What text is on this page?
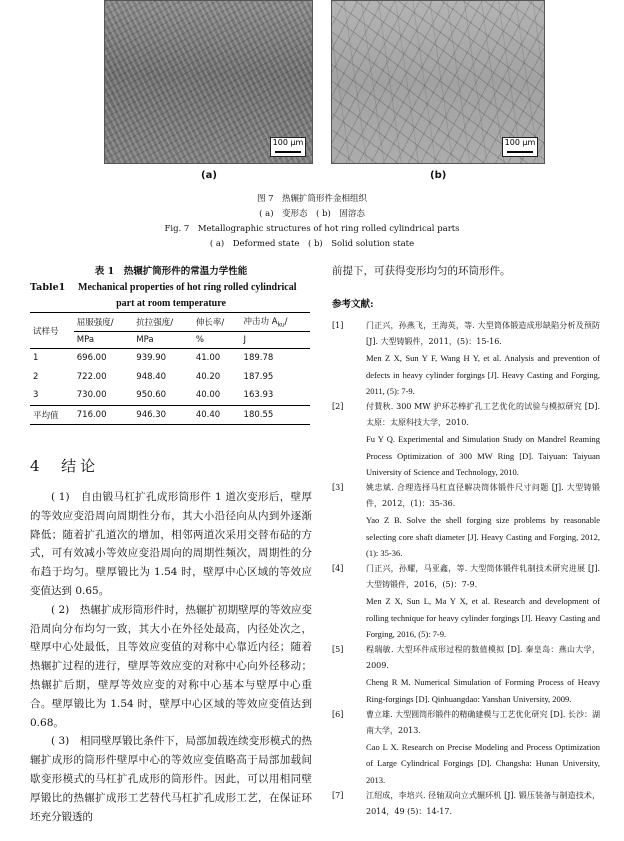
100 μm	100 μm
(a)	(b)
图 7　热辗扩筒形件金相组织
( a)　变形态　( b)　固溶态
Fig. 7　Metallographic structures of hot ring rolled cylindrical parts
( a)　Deformed state　( b)　Solid solution state
表 1　热辗扩筒形件的常温力学性能
Table1 Mechanical properties of hot ring rolled cylindrical
part at room temperature
试样号	屈服强度/	抗拉强度/	伸长率/	冲击功 $A_{ku}/$
	MPa	MPa	%	J
1	696.00	939.90	41.00	189.78
2	722.00	948.40	40.20	187.95
3	730.00	950.60	40.00	163.93
平均值	716.00	946.30	40.40	180.55
4 结论

( 1)　自由锻马杠扩孔成形筒形件 1 道次变形后，壁厚的等效应变沿周向周期性分布，其大小沿径向从内到外逐渐降低；随着扩孔道次的增加，相邻两道次采用交替布砧的方式，可有效减小等效应变沿周向的周期性频次，周期性的分布趋于均匀。壁厚锻比为 1.54 时，壁厚中心区域的等效应变值达到 0.65。

( 2)　热辗扩成形筒形件时，热辗扩初期壁厚的等效应变沿周向分布均匀一致，其大小在外径处最高，内径处次之，壁厚中心处最低，且等效应变值的对称中心靠近内径；随着热辗扩过程的进行，壁厚等效应变的对称中心向外径移动；热辗扩后期，壁厚等效应变的对称中心基本与壁厚中心重合。壁厚锻比为 1.54 时，壁厚中心区域的等效应变值达到 0.68。

( 3)　相同壁厚锻比条件下，局部加载连续变形模式的热辗扩成形的筒形件壁厚中心的等效应变值略高于局部加载间歇变形模式的马杠扩孔成形的筒形件。因此，可以用相同壁厚锻比的热辗扩成形工艺替代马杠扩孔成形工艺，在保证环坯充分锻透的

前提下，可获得变形均匀的环筒形件。
参考文献:
[1]	门正兴，孙燕飞，王海英，等. 大型筒体锻造成形缺陷分析及预防 [J]. 大型铸锻件，2011，(5)：15-16.
Men Z X, Sun Y F, Wang H Y, et al. Analysis and prevention of defects in heavy cylinder forgings [J]. Heavy Casting and Forging, 2011, (5): 7-9.
[2]	付賛秋. 300 MW 护环芯棒扩孔工艺优化的试验与模拟研究 [D]. 太原：太原科技大学，2010.
Fu Y Q. Experimental and Simulation Study on Mandrel Reaming Process Optimization of 300 MW Ring [D]. Taiyuan: Taiyuan University of Science and Technology, 2010.
[3]	姚忠斌. 合理选择马杠直径解决筒体锻件尺寸问题 [J]. 大型铸锻件，2012，(1)：35-36.
Yao Z B. Solve the shell forging size problems by reasonable selecting core shaft diameter [J]. Heavy Casting and Forging, 2012, (1): 35-36.
[4]	门正兴，孙耀，马亚鑫，等. 大型筒体锻件轧制技术研究进展 [J]. 大型铸锻件，2016，(5)：7-9.
Men Z X, Sun L, Ma Y X, et al. Research and development of rolling technique for heavy cylinder forgings [J]. Heavy Casting and Forging, 2016, (5): 7-9.
[5]	程瑞敏. 大型环件成形过程的数值模拟 [D]. 秦皇岛：燕山大学，2009.
Cheng R M. Numerical Simulation of Forming Process of Heavy Ring-forgings [D]. Qinhuangdao: Yanshan University, 2009.
[6]	曹立雄. 大型圆筒形锻件的精确建模与工艺优化研究 [D]. 长沙：湖南大学，2013.
Cao L X. Research on Precise Modeling and Process Optimization of Large Cylindrical Forgings [D]. Changsha: Hunan University, 2013.
[7]	江绍成，李培兴. 径轴双向立式辗环机 [J]. 锻压装备与制造技术，2014，49 (5)：14-17.
